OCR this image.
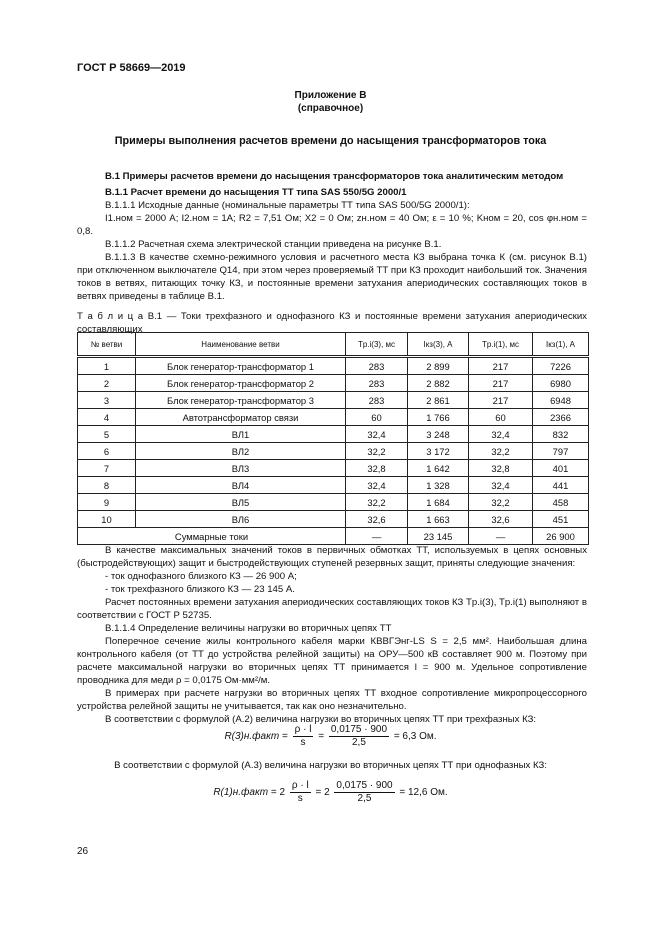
ГОСТ Р 58669—2019
Приложение В
(справочное)
Примеры выполнения расчетов времени до насыщения трансформаторов тока

В.1 Примеры расчетов времени до насыщения трансформаторов тока аналитическим методом

В.1.1 Расчет времени до насыщения ТТ типа SAS 550/5G 2000/1

В.1.1.1 Исходные данные (номинальные параметры ТТ типа SAS 500/5G 2000/1):

I1.ном = 2000 А; I2.ном = 1А; R2 = 7,51 Ом; X2 = 0 Ом; zн.ном = 40 Ом; ε = 10 %; Kном = 20, cos φн.ном = 0,8.

В.1.1.2 Расчетная схема электрической станции приведена на рисунке В.1.

В.1.1.3 В качестве схемно-режимного условия и расчетного места КЗ выбрана точка К (см. рисунок В.1) при отключенном выключателе Q14, при этом через проверяемый ТТ при КЗ проходит наибольший ток. Значения токов в ветвях, питающих точку КЗ, и постоянные времени затухания апериодических составляющих токов в ветвях приведены в таблице В.1.

Т а б л и ц а В.1 — Токи трехфазного и однофазного КЗ и постоянные времени затухания апериодических составляющих

№ ветви	Наименование ветви	Tp.i(3), мс	Iкз(3), А	Tp.i(1), мс	Iкз(1), А
1	Блок генератор-трансформатор 1	283	2 899	217	7226
2	Блок генератор-трансформатор 2	283	2 882	217	6980
3	Блок генератор-трансформатор 3	283	2 861	217	6948
4	Автотрансформатор связи	60	1 766	60	2366
5	ВЛ1	32,4	3 248	32,4	832
6	ВЛ2	32,2	3 172	32,2	797
7	ВЛ3	32,8	1 642	32,8	401
8	ВЛ4	32,4	1 328	32,4	441
9	ВЛ5	32,2	1 684	32,2	458
10	ВЛ6	32,6	1 663	32,6	451
Суммарные токи		—	23 145	—	26 900

В качестве максимальных значений токов в первичных обмотках ТТ, используемых в цепях основных (быстродействующих) защит и быстродействующих ступеней резервных защит, приняты следующие значения:

- ток однофазного близкого КЗ — 26 900 А;

- ток трехфазного близкого КЗ — 23 145 А.

Расчет постоянных времени затухания апериодических составляющих токов КЗ Tp.i(3), Tp.i(1) выполняют в соответствии с ГОСТ Р 52735.

В.1.1.4 Определение величины нагрузки во вторичных цепях ТТ

Поперечное сечение жилы контрольного кабеля марки КВВГЭнг-LS S = 2,5 мм². Наибольшая длина контрольного кабеля (от ТТ до устройства релейной защиты) на ОРУ—500 кВ составляет 900 м. Поэтому при расчете максимальной нагрузки во вторичных цепях ТТ принимается l = 900 м. Удельное сопротивление проводника для меди ρ = 0,0175 Ом·мм²/м.

В примерах при расчете нагрузки во вторичных цепях ТТ входное сопротивление микропроцессорного устройства релейной защиты не учитывается, так как оно незначительно.

В соответствии с формулой (А.2) величина нагрузки во вторичных цепях ТТ при трехфазных КЗ:

R(3)н.факт = $\frac{\rho \cdot l}{s} = \frac{0,0175 \cdot 900}{2,5} = 6,3$ Ом.
В соответствии с формулой (А.3) величина нагрузки во вторичных цепях ТТ при однофазных КЗ:
R(1)н.факт = $2 \frac{\rho \cdot l}{s} = 2 \frac{0,0175 \cdot 900}{2,5} = 12,6$ Ом.
26
